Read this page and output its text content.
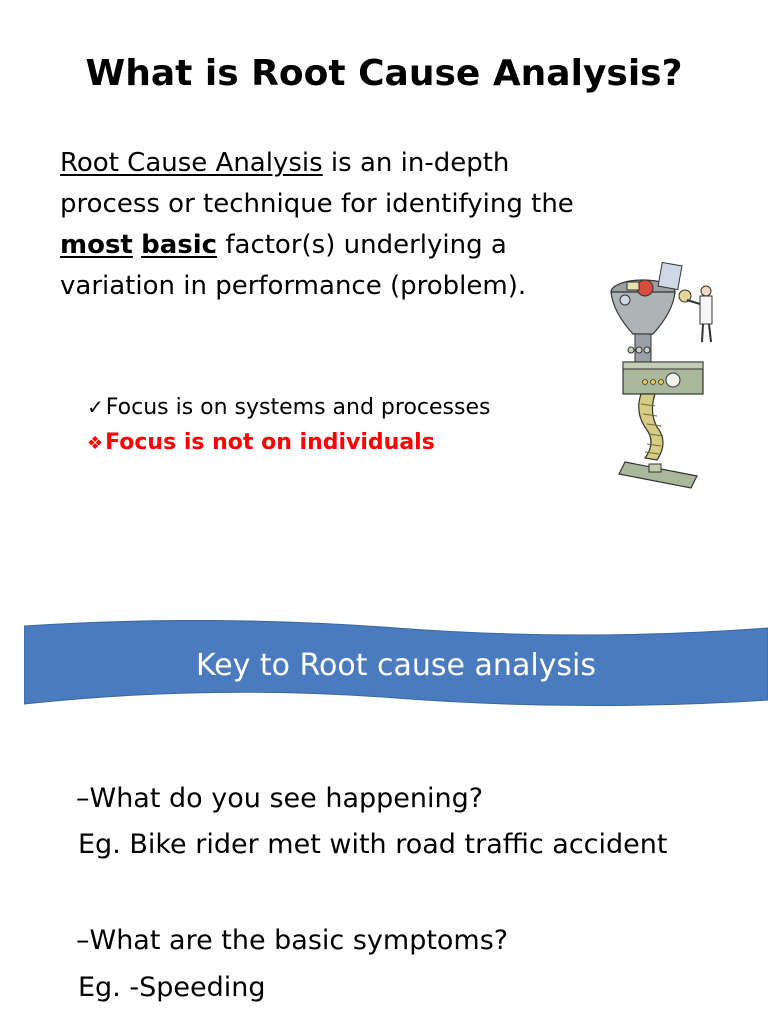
What is Root Cause Analysis?
Root Cause Analysis is an in-depth process or technique for identifying the most basic factor(s) underlying a variation in performance (problem).
✓Focus is on systems and processes
❖Focus is not on individuals
Key to Root cause analysis
–What do you see happening?
Eg. Bike rider met with road traffic accident
–What are the basic symptoms?
Eg. -Speeding
